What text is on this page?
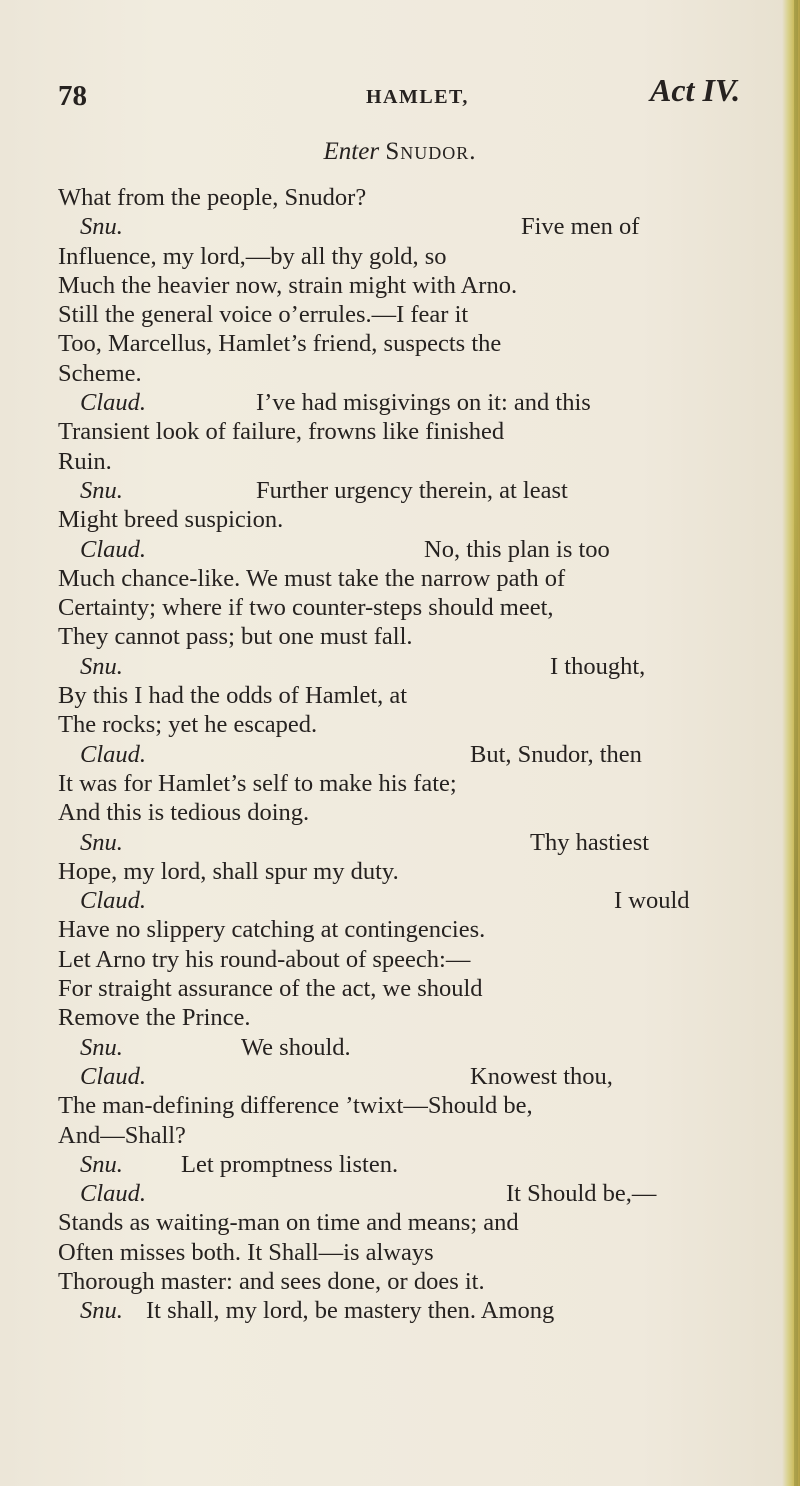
78	HAMLET,	Act IV.
Enter Snudor.
What from the people, Snudor?
Snu.	Five men of
Influence, my lord,—by all thy gold, so
Much the heavier now, strain might with Arno.
Still the general voice o’errules.—I fear it
Too, Marcellus, Hamlet’s friend, suspects the
Scheme.
Claud.	I’ve had misgivings on it: and this
Transient look of failure, frowns like finished
Ruin.
Snu.	Further urgency therein, at least
Might breed suspicion.
Claud.	No, this plan is too
Much chance-like. We must take the narrow path of
Certainty; where if two counter-steps should meet,
They cannot pass; but one must fall.
Snu.	I thought,
By this I had the odds of Hamlet, at
The rocks; yet he escaped.
Claud.	But, Snudor, then
It was for Hamlet’s self to make his fate;
And this is tedious doing.
Snu.	Thy hastiest
Hope, my lord, shall spur my duty.
Claud.	I would
Have no slippery catching at contingencies.
Let Arno try his round-about of speech:—
For straight assurance of the act, we should
Remove the Prince.
Snu.	We should.
Claud.	Knowest thou,
The man-defining difference ’twixt—Should be,
And—Shall?
Snu. Let promptness listen.
Claud.	It Should be,—
Stands as waiting-man on time and means; and
Often misses both. It Shall—is always
Thorough master: and sees done, or does it.
Snu. It shall, my lord, be mastery then. Among
